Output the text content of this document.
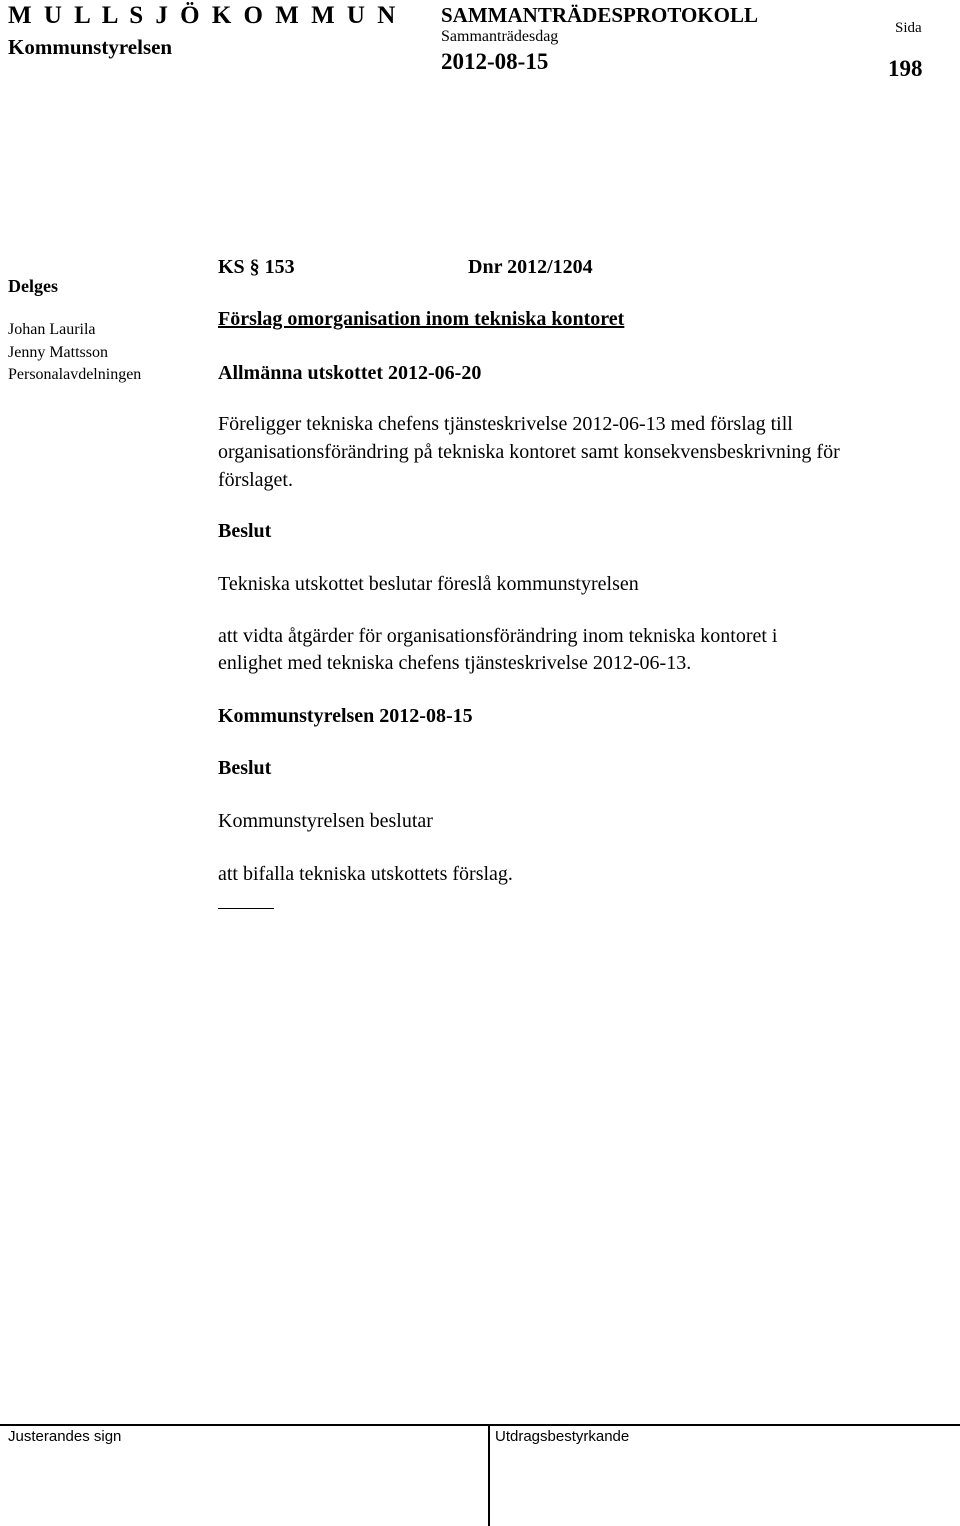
M U L L S J Ö K O M M U N
Kommunstyrelsen
SAMMANTRÄDESPROTOKOLL
Sammanträdesdag
2012-08-15
Sida
198
Delges
Johan Laurila
Jenny Mattsson
Personalavdelningen
KS § 153	Dnr 2012/1204
Förslag omorganisation inom tekniska kontoret
Allmänna utskottet 2012-06-20
Föreligger tekniska chefens tjänsteskrivelse 2012-06-13 med förslag till
organisationsförändring på tekniska kontoret samt konsekvensbeskrivning för
förslaget.
Beslut
Tekniska utskottet beslutar föreslå kommunstyrelsen
att vidta åtgärder för organisationsförändring inom tekniska kontoret i
enlighet med tekniska chefens tjänsteskrivelse 2012-06-13.
Kommunstyrelsen 2012-08-15
Beslut
Kommunstyrelsen beslutar
att bifalla tekniska utskottets förslag.
Justerandes sign	Utdragsbestyrkande
